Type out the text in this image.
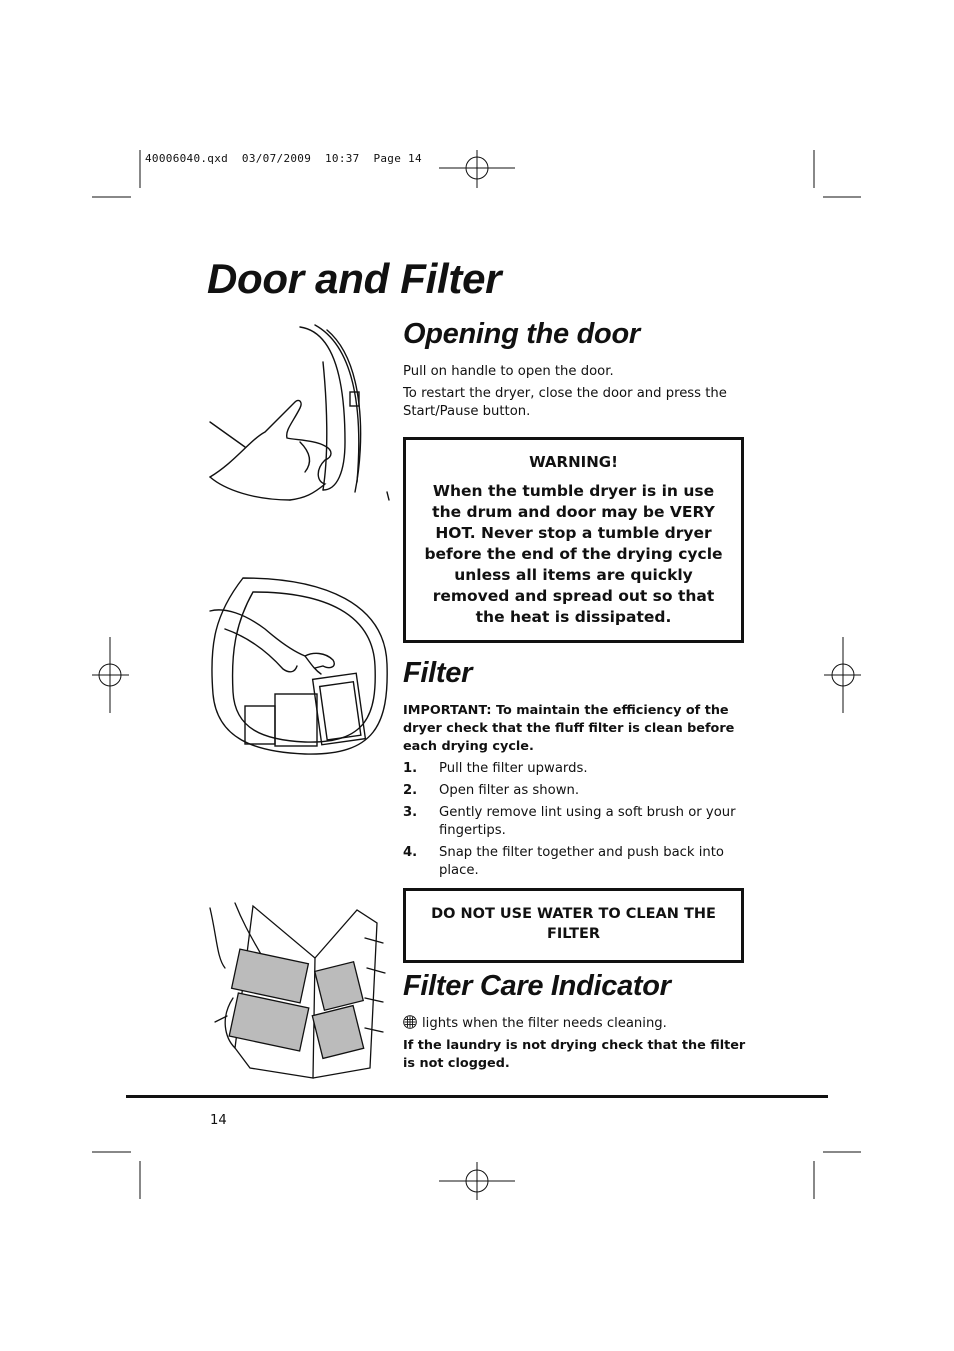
40006040.qxd  03/07/2009  10:37  Page 14
Door and Filter
Opening the door

Pull on handle to open the door.

To restart the dryer, close the door and press the Start/Pause button.

WARNING!
When the tumble dryer is in use the drum and door may be VERY HOT. Never stop a tumble dryer before the end of the drying cycle unless all items are quickly removed and spread out so that the heat is dissipated.
Filter

IMPORTANT: To maintain the efficiency of the dryer check that the fluff filter is clean before each drying cycle.

1. Pull the filter upwards.
2. Open filter as shown.
3. Gently remove lint using a soft brush or your fingertips.
4. Snap the filter together and push back into place.
DO NOT USE WATER TO CLEAN THE FILTER
Filter Care Indicator

lights when the filter needs cleaning.

If the laundry is not drying check that the filter is not clogged.

14
